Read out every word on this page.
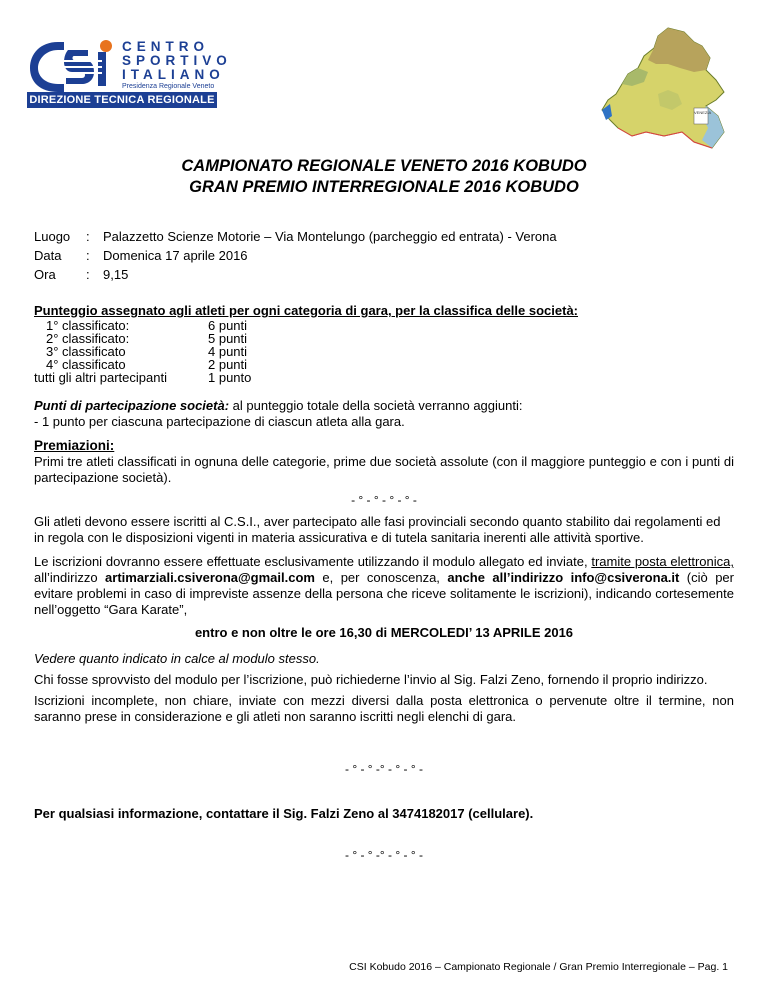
CENTRO
SPORTIVO
ITALIANO
Presidenza Regionale Veneto
DIREZIONE TECNICA REGIONALE
VENEZIA
CAMPIONATO REGIONALE VENETO 2016 KOBUDO
GRAN PREMIO INTERREGIONALE 2016 KOBUDO
Luogo : Palazzetto Scienze Motorie – Via Montelungo (parcheggio ed entrata) - Verona
Data : Domenica 17 aprile 2016
Ora : 9,15
Punteggio assegnato agli atleti per ogni categoria di gara, per la classifica delle società:
1° classificato:	6 punti
2° classificato:	5 punti
3° classificato	4 punti
4° classificato	2 punti
tutti gli altri partecipanti	1 punto
Punti di partecipazione società: al punteggio totale della società verranno aggiunti:
- 1 punto per ciascuna partecipazione di ciascun atleta alla gara.
Premiazioni:
Primi tre atleti classificati in ognuna delle categorie, prime due società assolute (con il maggiore punteggio e con i punti di partecipazione società).
- ° - ° - ° - ° -
Gli atleti devono essere iscritti al C.S.I., aver partecipato alle fasi provinciali secondo quanto stabilito dai regolamenti ed in regola con le disposizioni vigenti in materia assicurativa e di tutela sanitaria inerenti alle attività sportive.
Le iscrizioni dovranno essere effettuate esclusivamente utilizzando il modulo allegato ed inviate, tramite posta elettronica, all’indirizzo artimarziali.csiverona@gmail.com e, per conoscenza, anche all’indirizzo info@csiverona.it (ciò per evitare problemi in caso di impreviste assenze della persona che riceve solitamente le iscrizioni), indicando cortesemente nell’oggetto “Gara Karate”,
entro e non oltre le ore 16,30 di MERCOLEDI’ 13 APRILE 2016
Vedere quanto indicato in calce al modulo stesso.
Chi fosse sprovvisto del modulo per l’iscrizione, può richiederne l’invio al Sig. Falzi Zeno, fornendo il proprio indirizzo.
Iscrizioni incomplete, non chiare, inviate con mezzi diversi dalla posta elettronica o pervenute oltre il termine, non saranno prese in considerazione e gli atleti non saranno iscritti negli elenchi di gara.
- ° - ° -° - ° - ° -
Per qualsiasi informazione, contattare il Sig. Falzi Zeno al 3474182017 (cellulare).
- ° - ° -° - ° - ° -
CSI Kobudo 2016 – Campionato Regionale / Gran Premio Interregionale – Pag. 1
